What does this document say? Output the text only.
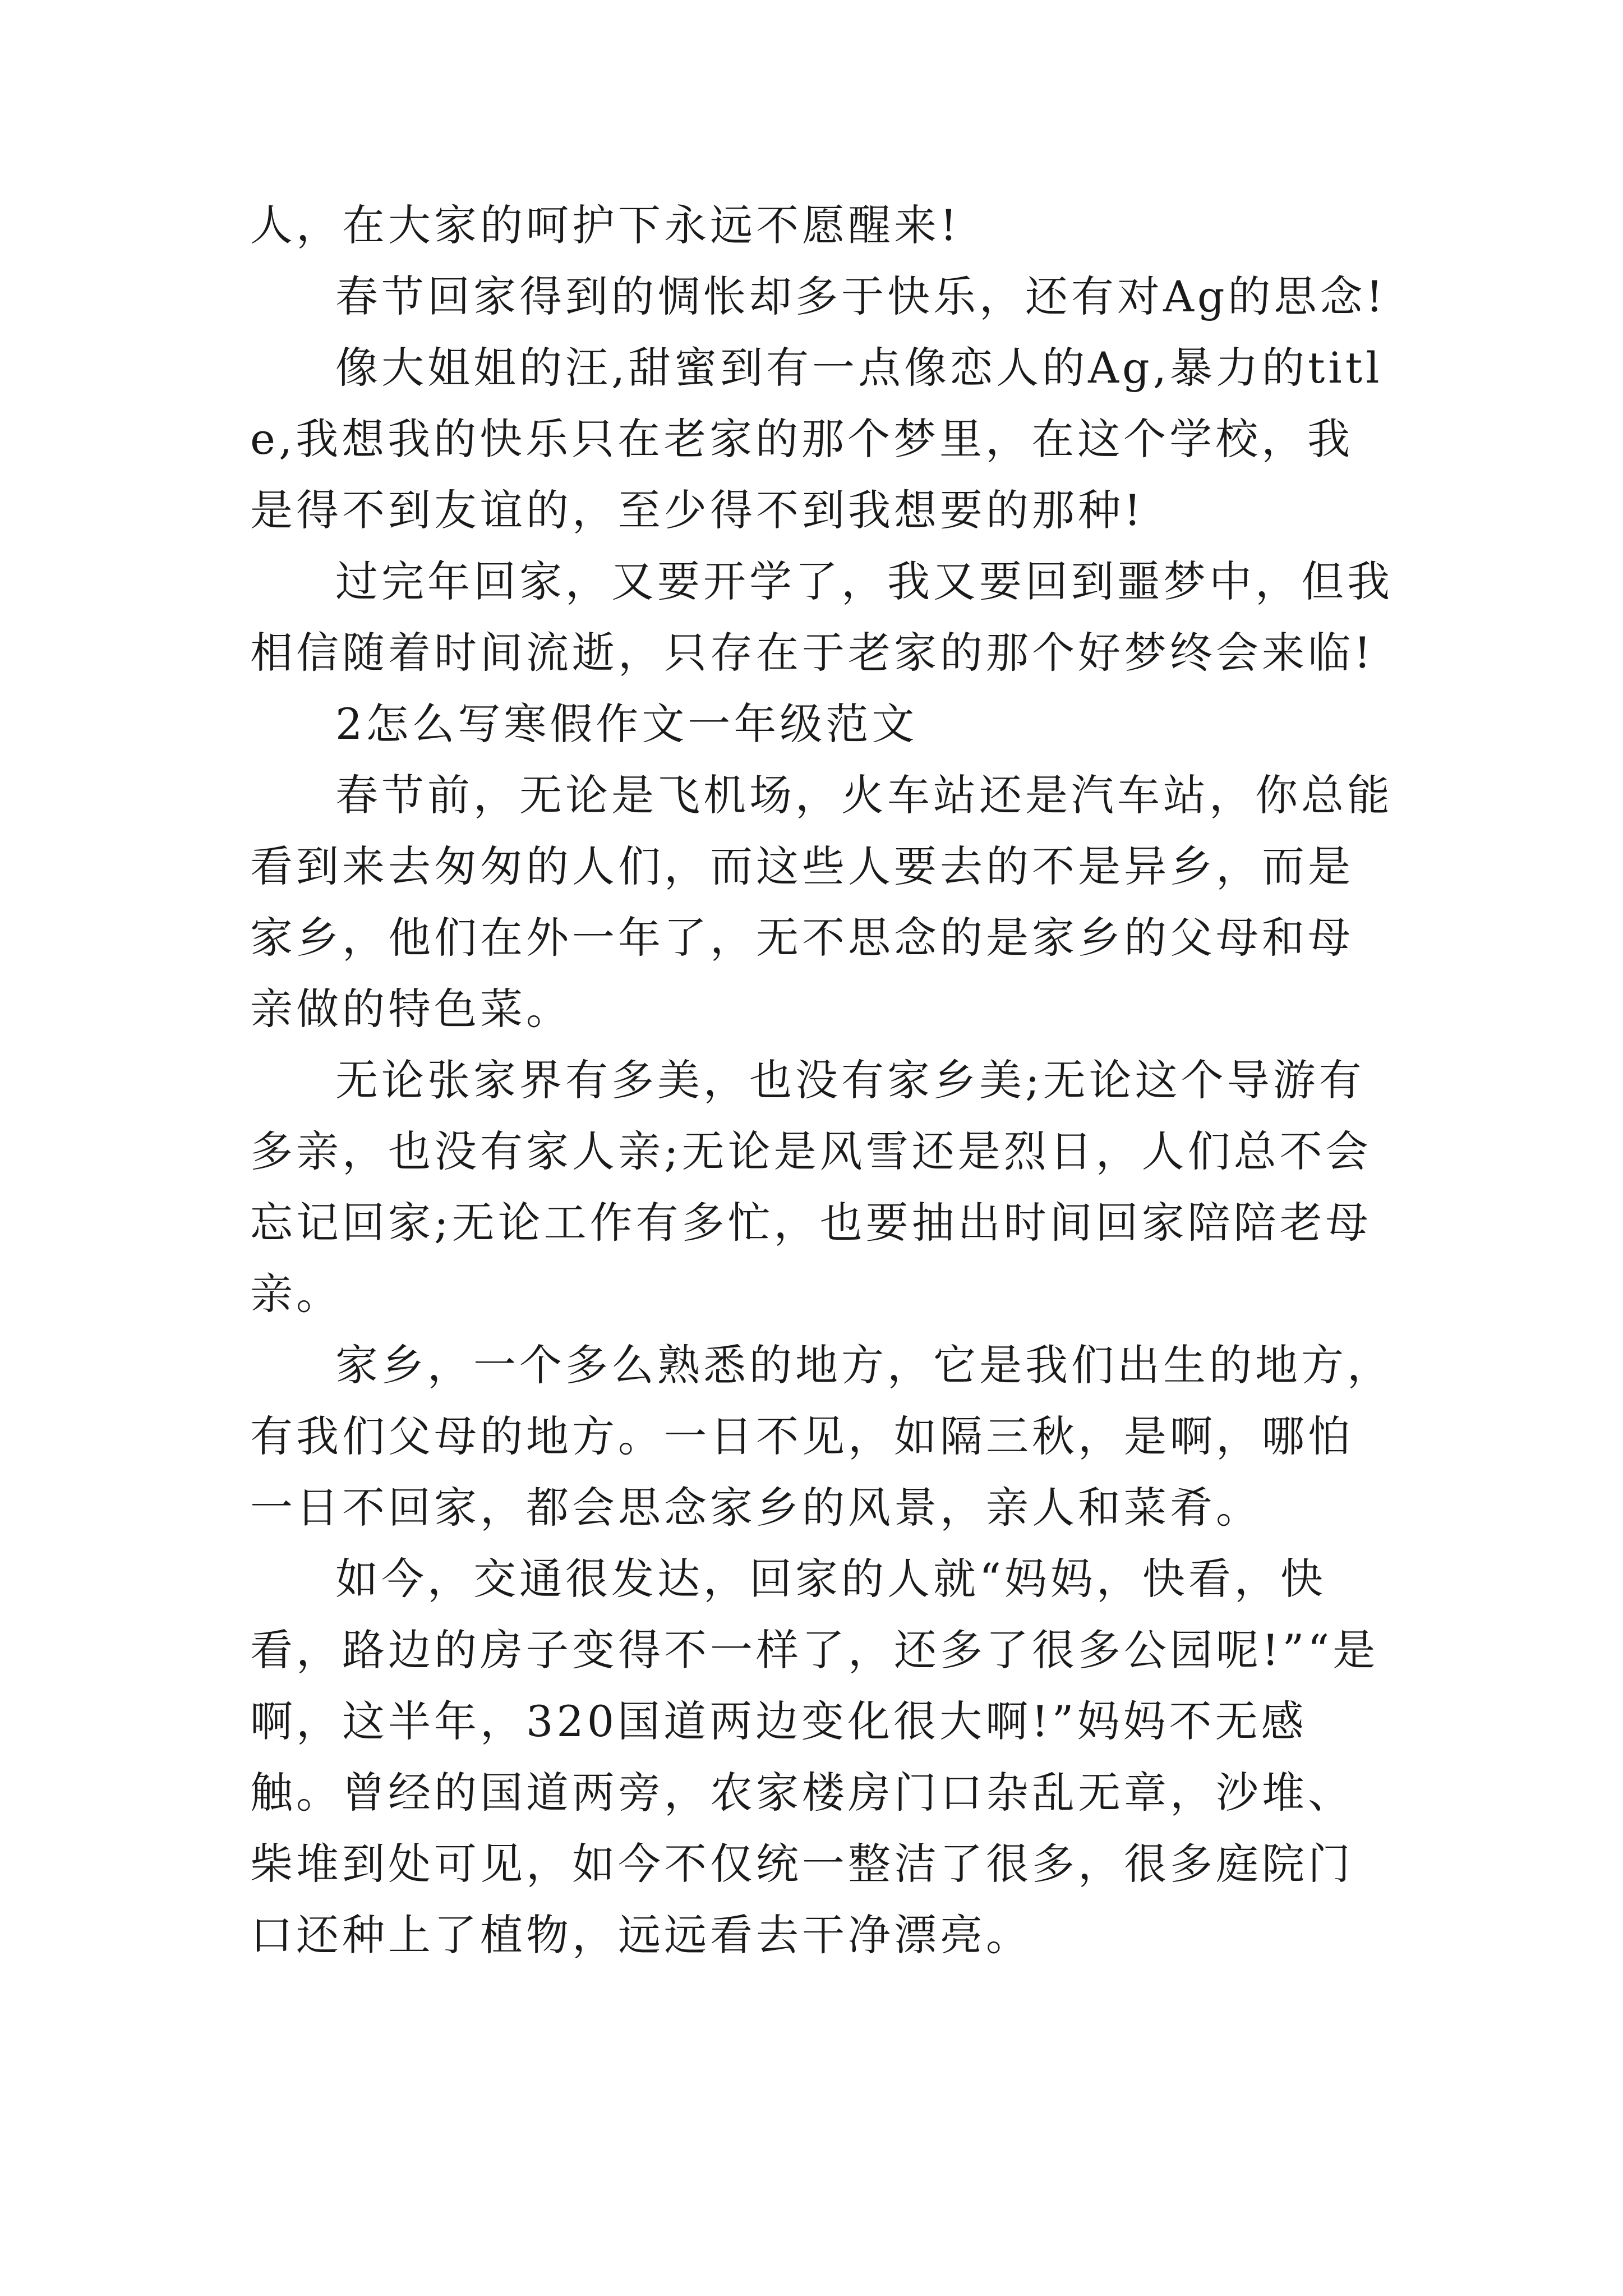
人，在大家的呵护下永远不愿醒来!

春节回家得到的惆怅却多于快乐，还有对Ag的思念!

像大姐姐的汪,甜蜜到有一点像恋人的Ag,暴力的title,我想我的快乐只在老家的那个梦里，在这个学校，我是得不到友谊的，至少得不到我想要的那种!

过完年回家，又要开学了，我又要回到噩梦中，但我相信随着时间流逝，只存在于老家的那个好梦终会来临!

2怎么写寒假作文一年级范文

春节前，无论是飞机场，火车站还是汽车站，你总能看到来去匆匆的人们，而这些人要去的不是异乡，而是家乡，他们在外一年了，无不思念的是家乡的父母和母亲做的特色菜。

无论张家界有多美，也没有家乡美;无论这个导游有多亲，也没有家人亲;无论是风雪还是烈日，人们总不会忘记回家;无论工作有多忙，也要抽出时间回家陪陪老母亲。

家乡，一个多么熟悉的地方，它是我们出生的地方，有我们父母的地方。一日不见，如隔三秋，是啊，哪怕一日不回家，都会思念家乡的风景，亲人和菜肴。

如今，交通很发达，回家的人就“妈妈，快看，快看，路边的房子变得不一样了，还多了很多公园呢!”“是啊，这半年，320国道两边变化很大啊!”妈妈不无感触。曾经的国道两旁，农家楼房门口杂乱无章，沙堆、柴堆到处可见，如今不仅统一整洁了很多，很多庭院门口还种上了植物，远远看去干净漂亮。
